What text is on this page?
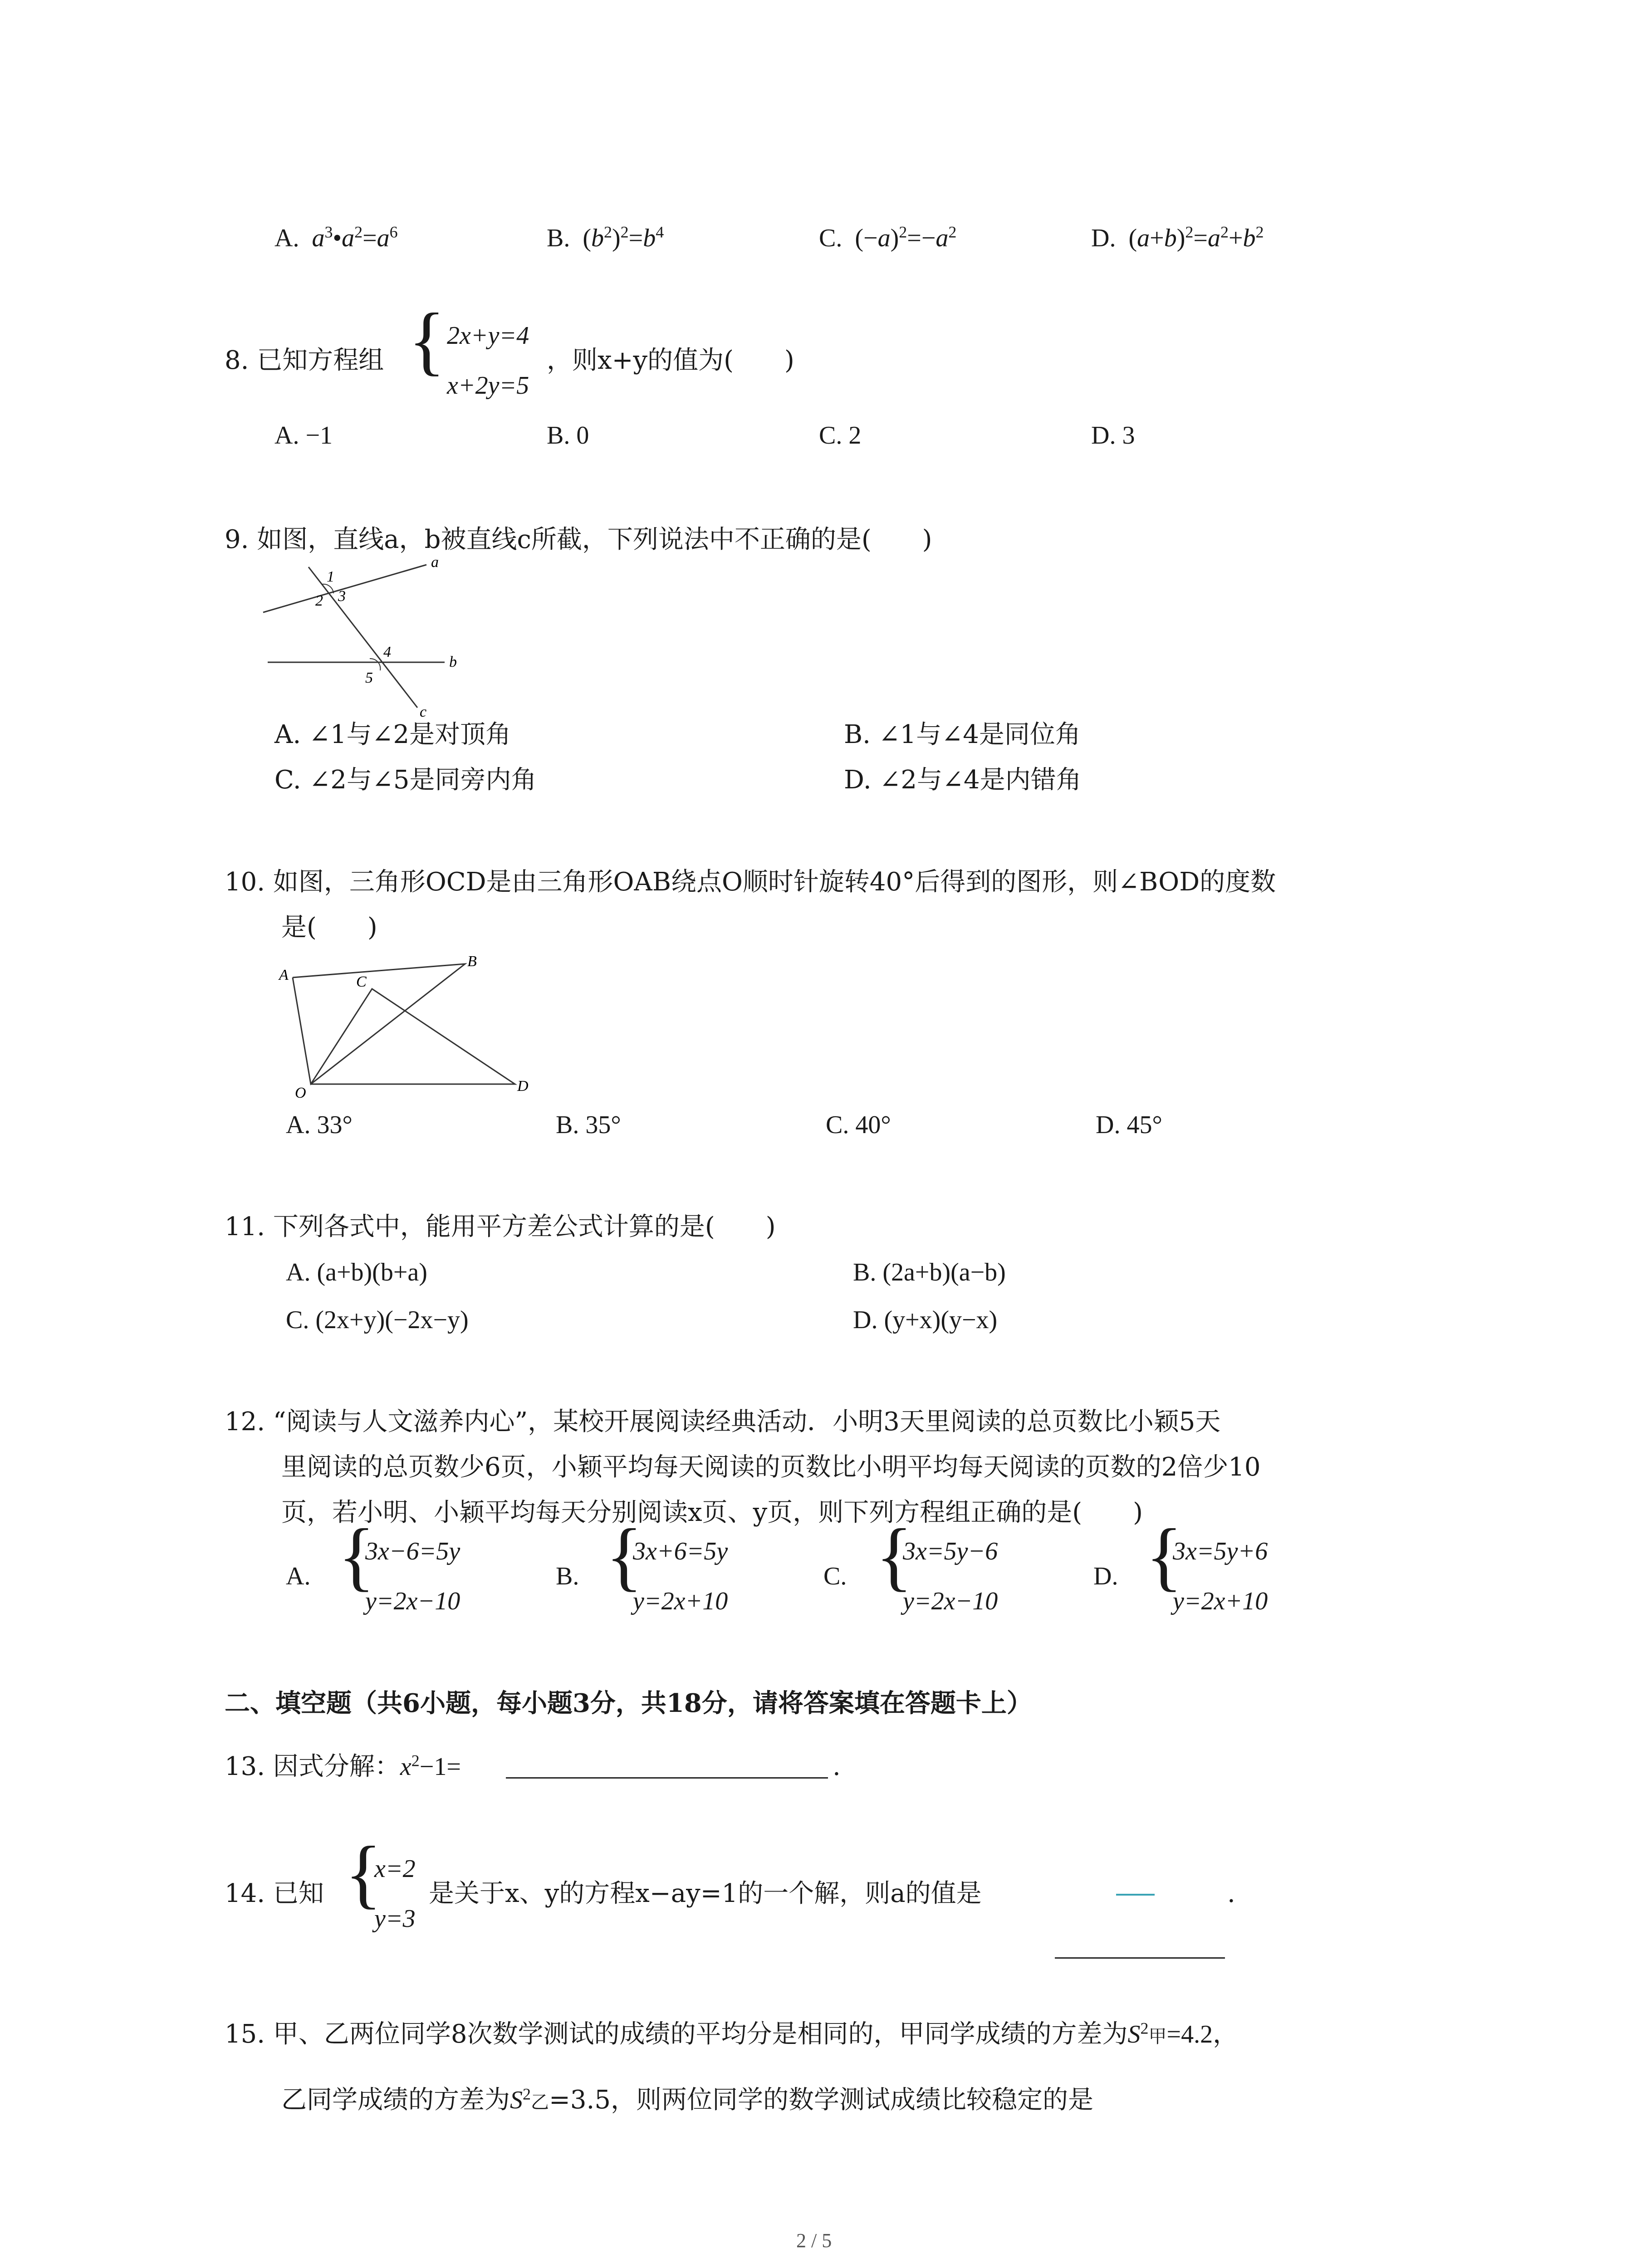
A. $a^3•a^2=a^6$	B.  $(b^2)^2=b^4$	C.  $(-a)^2=-a^2$	D.  $(a+b)^2=a^2+b^2$
8. 已知方程组 { 2x+y=4
x+2y=5
，则x+y的值为(　　)
A. −1	B. 0	C. 2	D. 3
9. 如图，直线a，b被直线c所截，下列说法中不正确的是(　　)
1
2 3
4
5
a
b
c
A. ∠1与∠2是对顶角	B. ∠1与∠4是同位角
C. ∠2与∠5是同旁内角	D. ∠2与∠4是内错角
10. 如图，三角形OCD是由三角形OAB绕点O顺时针旋转40°后得到的图形，则∠BOD的度数
是(　　)
A
B
C
O	D
A. 33°	B. 35°	C. 40°	D. 45°
11. 下列各式中，能用平方差公式计算的是(　　)
A. (a+b)(b+a)	B. (2a+b)(a−b)
C. (2x+y)(−2x−y)	D. (y+x)(y−x)
12. “阅读与人文滋养内心”，某校开展阅读经典活动．小明3天里阅读的总页数比小颖5天
里阅读的总页数少6页，小颖平均每天阅读的页数比小明平均每天阅读的页数的2倍少10
页，若小明、小颖平均每天分别阅读x页、y页，则下列方程组正确的是(　　)
A. {
3x−6=5y
y=2x−10
B. {
3x+6=5y
y=2x+10
C. {
3x=5y−6
y=2x−10
D. {
3x=5y+6
y=2x+10
二、填空题（共6小题，每小题3分，共18分，请将答案填在答题卡上）
13. 因式分解：$x^2-1=$	.
14. 已知 {
x=2
y=3
是关于x、y的方程x−ay=1的一个解，则a的值是	.
15. 甲、乙两位同学8次数学测试的成绩的平均分是相同的，甲同学成绩的方差为$S^2$甲=4.2，
乙同学成绩的方差为$S^2$乙=3.5，则两位同学的数学测试成绩比较稳定的是
2 / 5
